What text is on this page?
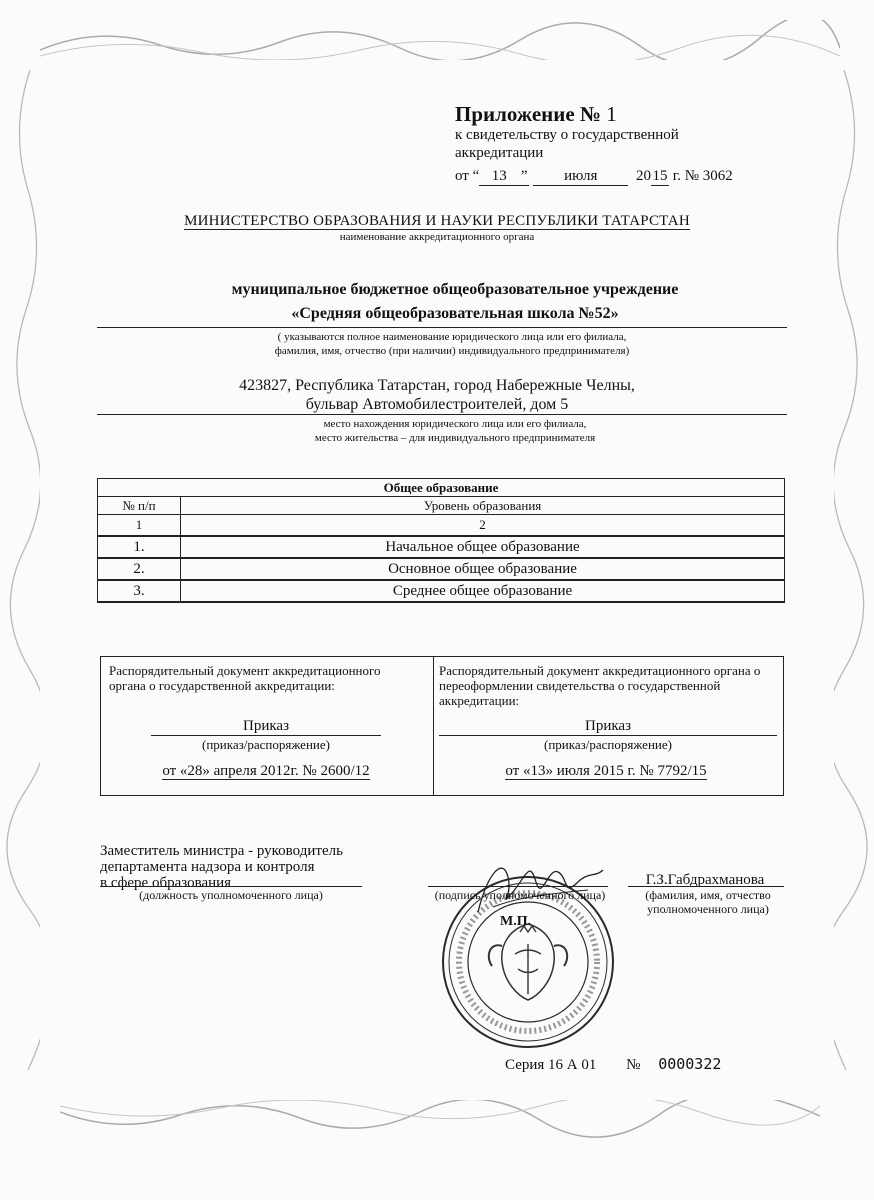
Приложение № 1
к свидетельству о государственной аккредитации
от “ 13 ” июля	20 15 г. № 3062
МИНИСТЕРСТВО ОБРАЗОВАНИЯ И НАУКИ РЕСПУБЛИКИ ТАТАРСТАН
наименование аккредитационного органа
муниципальное бюджетное общеобразовательное учреждение
«Средняя общеобразовательная школа №52»
( указываются полное наименование юридического лица или его филиала,
фамилия, имя, отчество (при наличии) индивидуального предпринимателя)
423827, Республика Татарстан, город Набережные Челны,
бульвар Автомобилестроителей, дом 5
место нахождения юридического лица или его филиала,
место жительства – для индивидуального предпринимателя
Общее образование	
№ п/п	Уровень образования
1	2
1.	Начальное общее образование
2.	Основное общее образование
3.	Среднее общее образование
Распорядительный документ аккредитационного органа о государственной аккредитации:
Приказ
(приказ/распоряжение)
от «28» апреля 2012г. № 2600/12
Распорядительный документ аккредитационного органа о переоформлении свидетельства о государственной аккредитации:
Приказ
(приказ/распоряжение)
от «13» июля 2015 г. № 7792/15
Заместитель министра - руководитель
департамента надзора и контроля
в сфере образования
(должность уполномоченного лица)
М.П.
(подпись уполномоченного лица)
Г.З.Габдрахманова
(фамилия, имя, отчество уполномоченного лица)
Серия 16 А 01 № 0000322
